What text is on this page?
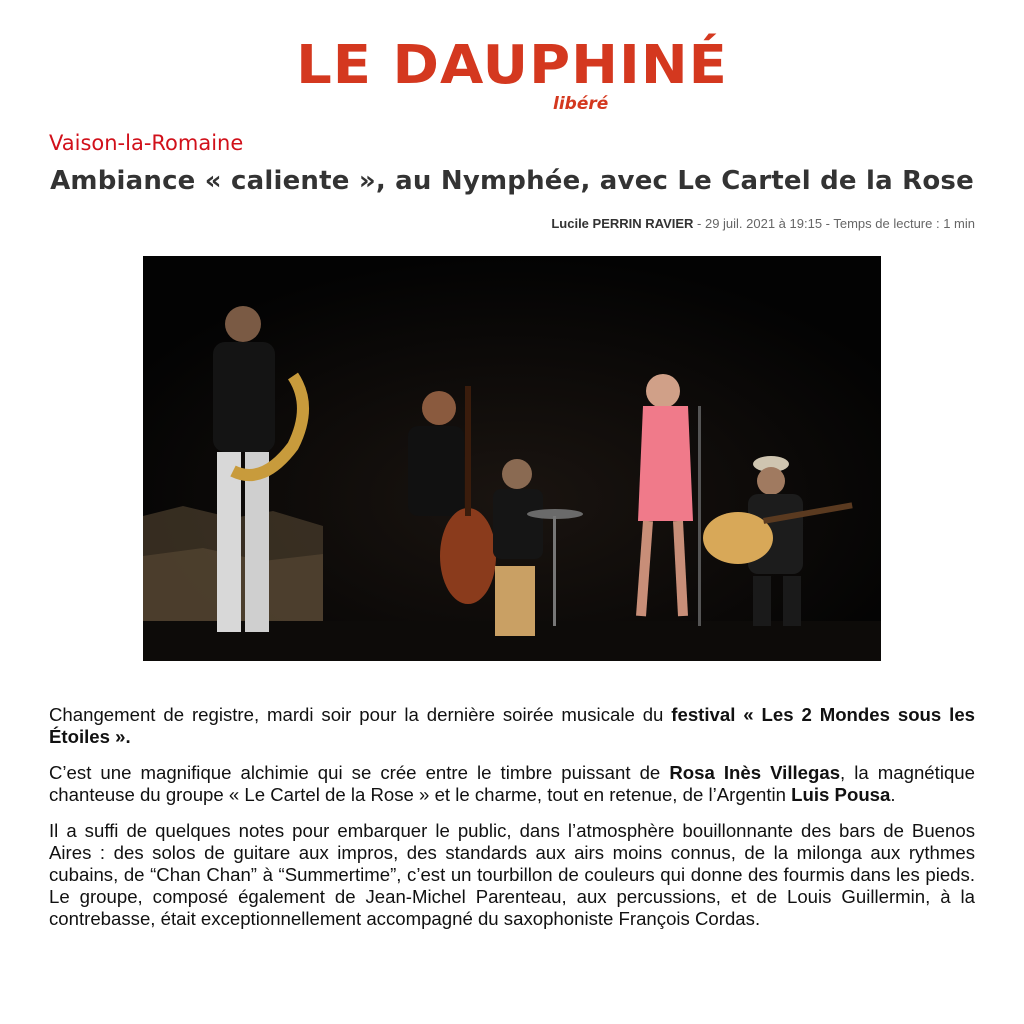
LE DAUPHINÉ
libéré
Vaison-la-Romaine
Ambiance « caliente », au Nymphée, avec Le Cartel de la Rose
Lucile PERRIN RAVIER - 29 juil. 2021 à 19:15 - Temps de lecture : 1 min

Changement de registre, mardi soir pour la dernière soirée musicale du festival « Les 2 Mondes sous les Étoiles ».

C’est une magnifique alchimie qui se crée entre le timbre puissant de Rosa Inès Villegas, la magnétique chanteuse du groupe « Le Cartel de la Rose » et le charme, tout en retenue, de l’Argentin Luis Pousa.

Il a suffi de quelques notes pour embarquer le public, dans l’atmosphère bouillonnante des bars de Buenos Aires : des solos de guitare aux impros, des standards aux airs moins connus, de la milonga aux rythmes cubains, de “Chan Chan” à “Summertime”, c’est un tourbillon de couleurs qui donne des fourmis dans les pieds. Le groupe, composé également de Jean-Michel Parenteau, aux percussions, et de Louis Guillermin, à la contrebasse, était exceptionnellement accompagné du saxophoniste François Cordas.
